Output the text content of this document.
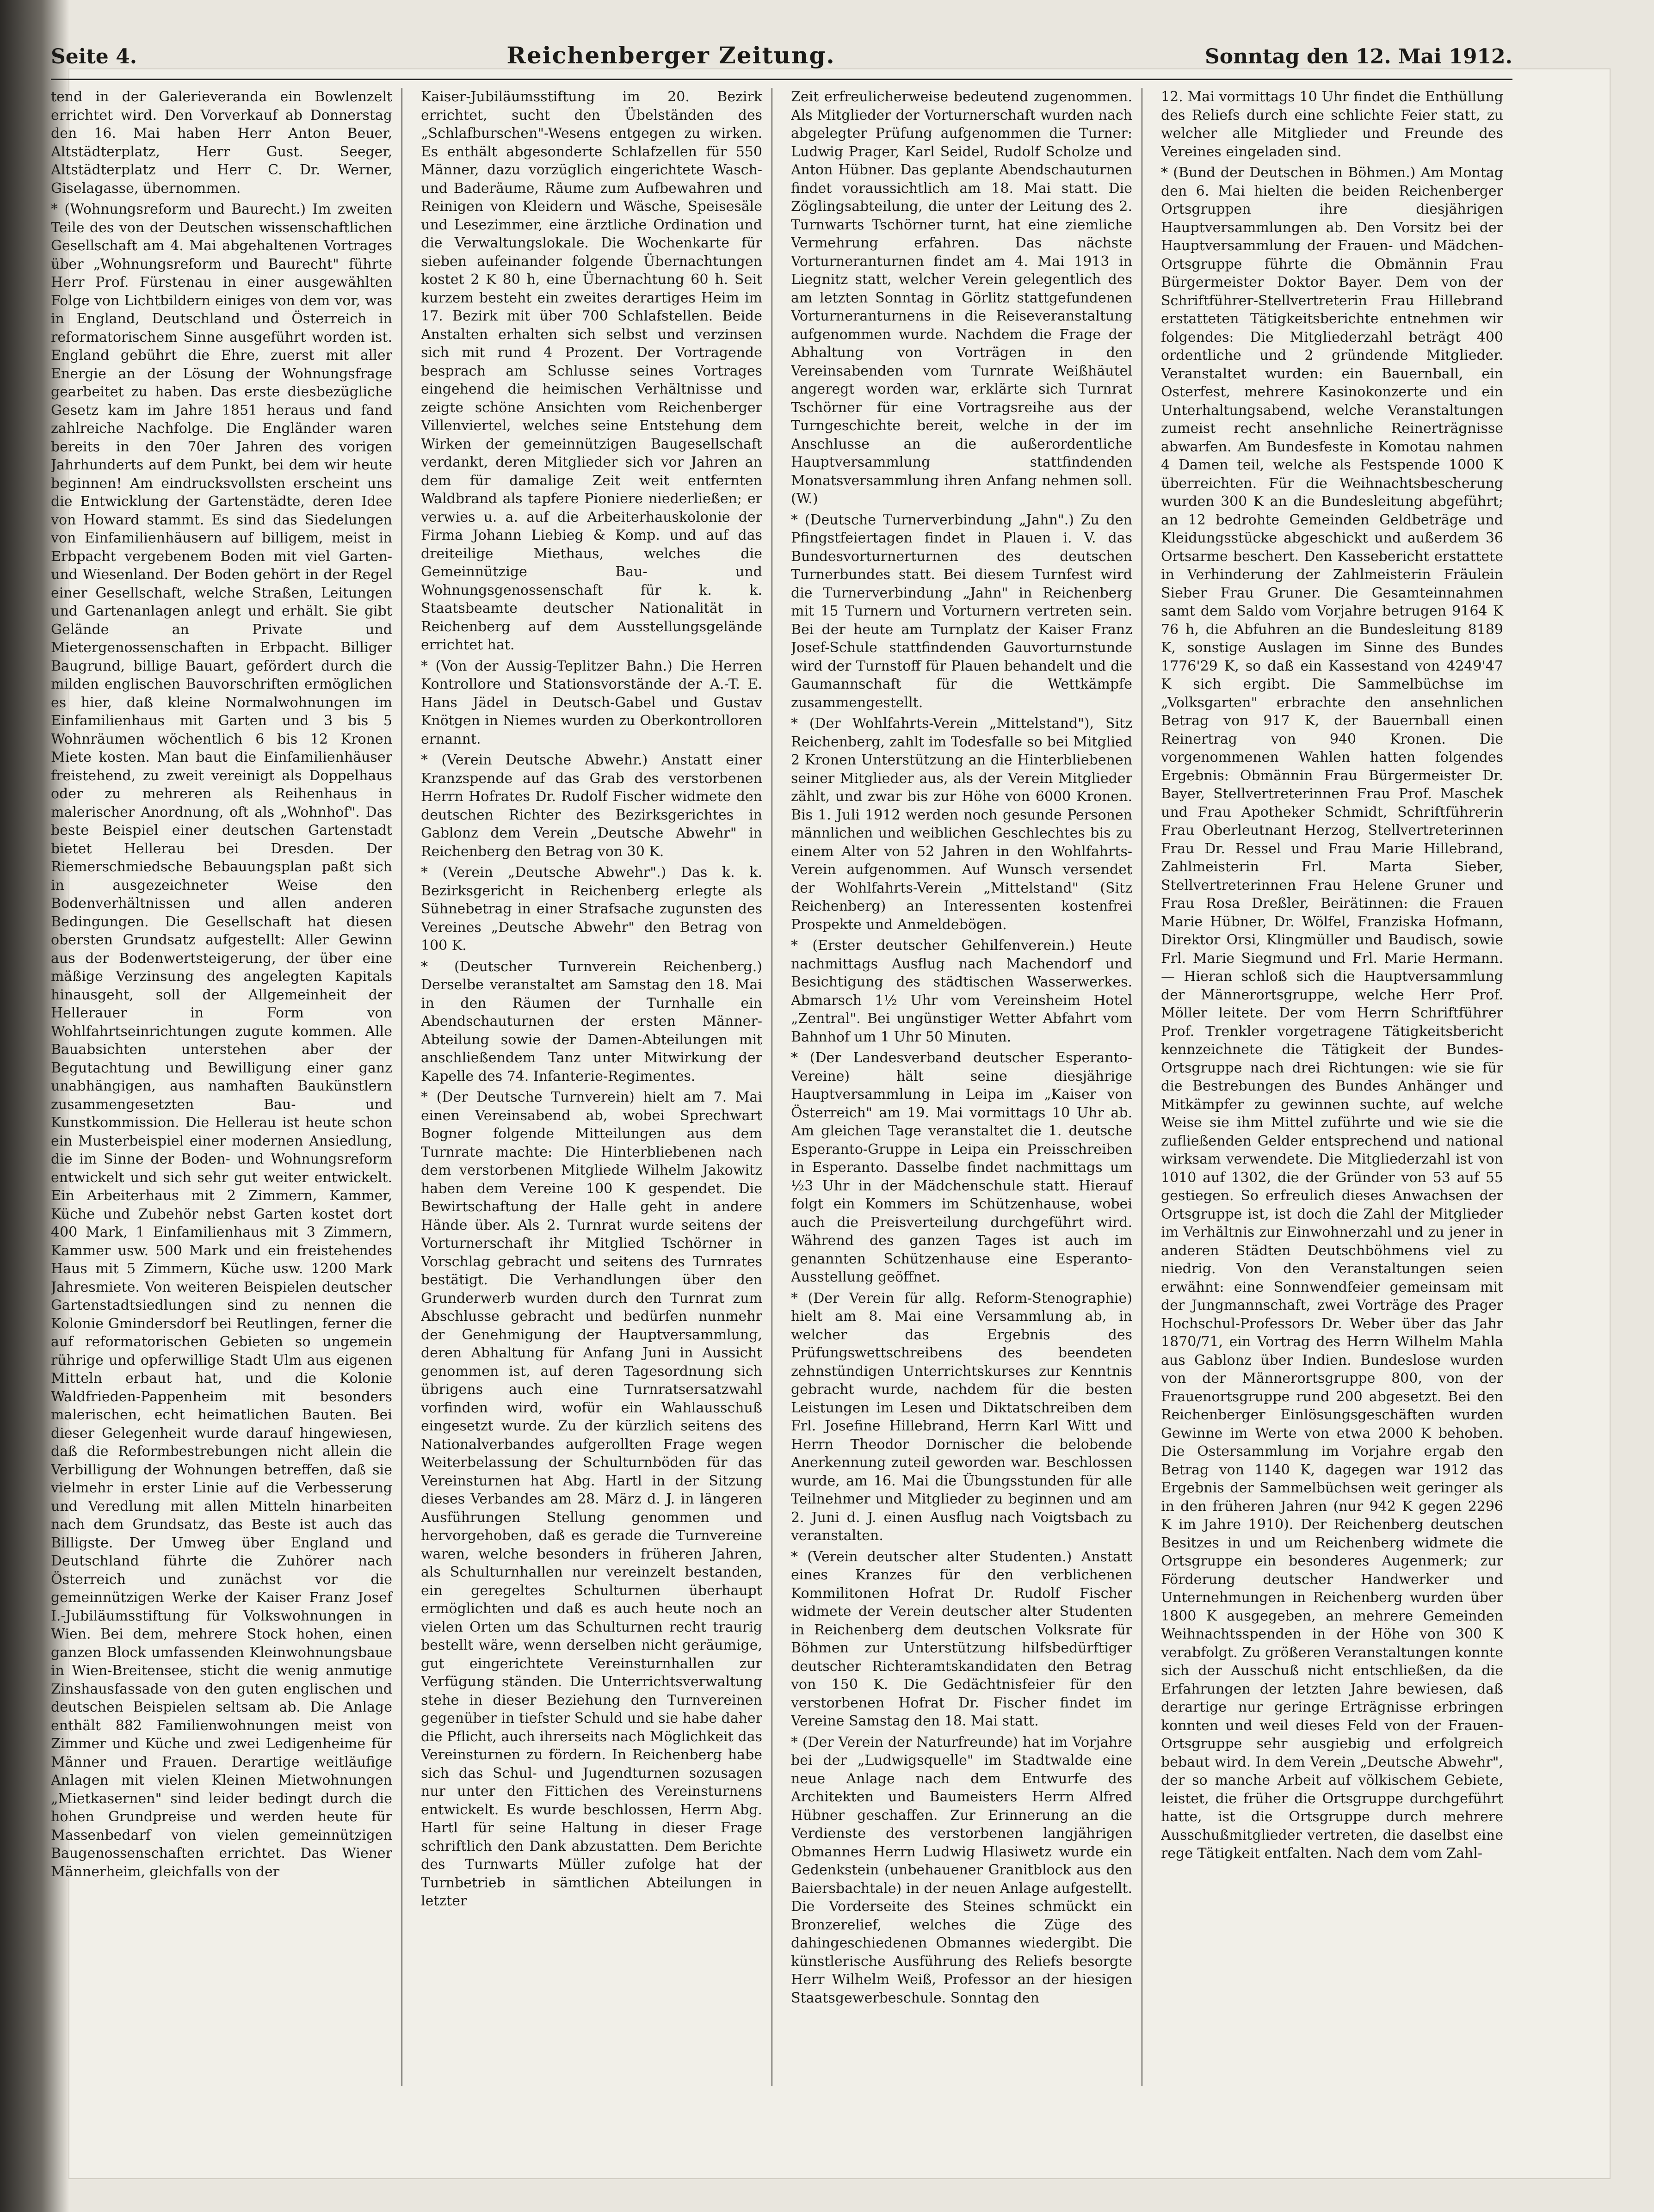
Seite 4.	Reichenberger Zeitung.	Sonntag den 12. Mai 1912.

tend in der Galerieveranda ein Bowlenzelt errichtet wird. Den Vorverkauf ab Donnerstag den 16. Mai haben Herr Anton Beuer, Altstädterplatz, Herr Gust. Seeger, Altstädterplatz und Herr C. Dr. Werner, Giselagasse, übernommen.

* (Wohnungsreform und Baurecht.) Im zweiten Teile des von der Deutschen wissenschaftlichen Gesellschaft am 4. Mai abgehaltenen Vortrages über „Wohnungsreform und Baurecht" führte Herr Prof. Fürstenau in einer ausgewählten Folge von Lichtbildern einiges von dem vor, was in England, Deutschland und Österreich in reformatorischem Sinne ausgeführt worden ist. England gebührt die Ehre, zuerst mit aller Energie an der Lösung der Wohnungsfrage gearbeitet zu haben. Das erste diesbezügliche Gesetz kam im Jahre 1851 heraus und fand zahlreiche Nachfolge. Die Engländer waren bereits in den 70er Jahren des vorigen Jahrhunderts auf dem Punkt, bei dem wir heute beginnen! Am eindrucksvollsten erscheint uns die Entwicklung der Gartenstädte, deren Idee von Howard stammt. Es sind das Siedelungen von Einfamilienhäusern auf billigem, meist in Erbpacht vergebenem Boden mit viel Garten- und Wiesenland. Der Boden gehört in der Regel einer Gesellschaft, welche Straßen, Leitungen und Gartenanlagen anlegt und erhält. Sie gibt Gelände an Private und Mietergenossenschaften in Erbpacht. Billiger Baugrund, billige Bauart, gefördert durch die milden englischen Bauvorschriften ermöglichen es hier, daß kleine Normalwohnungen im Einfamilienhaus mit Garten und 3 bis 5 Wohnräumen wöchentlich 6 bis 12 Kronen Miete kosten. Man baut die Einfamilienhäuser freistehend, zu zweit vereinigt als Doppelhaus oder zu mehreren als Reihenhaus in malerischer Anordnung, oft als „Wohnhof". Das beste Beispiel einer deutschen Gartenstadt bietet Hellerau bei Dresden. Der Riemerschmiedsche Bebauungsplan paßt sich in ausgezeichneter Weise den Bodenverhältnissen und allen anderen Bedingungen. Die Gesellschaft hat diesen obersten Grundsatz aufgestellt: Aller Gewinn aus der Bodenwertsteigerung, der über eine mäßige Verzinsung des angelegten Kapitals hinausgeht, soll der Allgemeinheit der Hellerauer in Form von Wohlfahrtseinrichtungen zugute kommen. Alle Bauabsichten unterstehen aber der Begutachtung und Bewilligung einer ganz unabhängigen, aus namhaften Baukünstlern zusammengesetzten Bau- und Kunstkommission. Die Hellerau ist heute schon ein Musterbeispiel einer modernen Ansiedlung, die im Sinne der Boden- und Wohnungsreform entwickelt und sich sehr gut weiter entwickelt. Ein Arbeiterhaus mit 2 Zimmern, Kammer, Küche und Zubehör nebst Garten kostet dort 400 Mark, 1 Einfamilienhaus mit 3 Zimmern, Kammer usw. 500 Mark und ein freistehendes Haus mit 5 Zimmern, Küche usw. 1200 Mark Jahresmiete. Von weiteren Beispielen deutscher Gartenstadtsiedlungen sind zu nennen die Kolonie Gmindersdorf bei Reutlingen, ferner die auf reformatorischen Gebieten so ungemein rührige und opferwillige Stadt Ulm aus eigenen Mitteln erbaut hat, und die Kolonie Waldfrieden-Pappenheim mit besonders malerischen, echt heimatlichen Bauten. Bei dieser Gelegenheit wurde darauf hingewiesen, daß die Reformbestrebungen nicht allein die Verbilligung der Wohnungen betreffen, daß sie vielmehr in erster Linie auf die Verbesserung und Veredlung mit allen Mitteln hinarbeiten nach dem Grundsatz, das Beste ist auch das Billigste. Der Umweg über England und Deutschland führte die Zuhörer nach Österreich und zunächst vor die gemeinnützigen Werke der Kaiser Franz Josef I.-Jubiläumsstiftung für Volkswohnungen in Wien. Bei dem, mehrere Stock hohen, einen ganzen Block umfassenden Kleinwohnungsbaue in Wien-Breitensee, sticht die wenig anmutige Zinshausfassade von den guten englischen und deutschen Beispielen seltsam ab. Die Anlage enthält 882 Familienwohnungen meist von Zimmer und Küche und zwei Ledigenheime für Männer und Frauen. Derartige weitläufige Anlagen mit vielen Kleinen Mietwohnungen „Mietkasernen" sind leider bedingt durch die hohen Grundpreise und werden heute für Massenbedarf von vielen gemeinnützigen Baugenossenschaften errichtet. Das Wiener Männerheim, gleichfalls von der

Kaiser-Jubiläumsstiftung im 20. Bezirk errichtet, sucht den Übelständen des „Schlafburschen"-Wesens entgegen zu wirken. Es enthält abgesonderte Schlafzellen für 550 Männer, dazu vorzüglich eingerichtete Wasch- und Baderäume, Räume zum Aufbewahren und Reinigen von Kleidern und Wäsche, Speisesäle und Lesezimmer, eine ärztliche Ordination und die Verwaltungslokale. Die Wochenkarte für sieben aufeinander folgende Übernachtungen kostet 2 K 80 h, eine Übernachtung 60 h. Seit kurzem besteht ein zweites derartiges Heim im 17. Bezirk mit über 700 Schlafstellen. Beide Anstalten erhalten sich selbst und verzinsen sich mit rund 4 Prozent. Der Vortragende besprach am Schlusse seines Vortrages eingehend die heimischen Verhältnisse und zeigte schöne Ansichten vom Reichenberger Villenviertel, welches seine Entstehung dem Wirken der gemeinnützigen Baugesellschaft verdankt, deren Mitglieder sich vor Jahren an dem für damalige Zeit weit entfernten Waldbrand als tapfere Pioniere niederließen; er verwies u. a. auf die Arbeiterhauskolonie der Firma Johann Liebieg & Komp. und auf das dreiteilige Miethaus, welches die Gemeinnützige Bau- und Wohnungsgenossenschaft für k. k. Staatsbeamte deutscher Nationalität in Reichenberg auf dem Ausstellungsgelände errichtet hat.

* (Von der Aussig-Teplitzer Bahn.) Die Herren Kontrollore und Stationsvorstände der A.-T. E. Hans Jädel in Deutsch-Gabel und Gustav Knötgen in Niemes wurden zu Oberkontrolloren ernannt.

* (Verein Deutsche Abwehr.) Anstatt einer Kranzspende auf das Grab des verstorbenen Herrn Hofrates Dr. Rudolf Fischer widmete den deutschen Richter des Bezirksgerichtes in Gablonz dem Verein „Deutsche Abwehr" in Reichenberg den Betrag von 30 K.

* (Verein „Deutsche Abwehr".) Das k. k. Bezirksgericht in Reichenberg erlegte als Sühnebetrag in einer Strafsache zugunsten des Vereines „Deutsche Abwehr" den Betrag von 100 K.

* (Deutscher Turnverein Reichenberg.) Derselbe veranstaltet am Samstag den 18. Mai in den Räumen der Turnhalle ein Abendschauturnen der ersten Männer-Abteilung sowie der Damen-Abteilungen mit anschließendem Tanz unter Mitwirkung der Kapelle des 74. Infanterie-Regimentes.

* (Der Deutsche Turnverein) hielt am 7. Mai einen Vereinsabend ab, wobei Sprechwart Bogner folgende Mitteilungen aus dem Turnrate machte: Die Hinterbliebenen nach dem verstorbenen Mitgliede Wilhelm Jakowitz haben dem Vereine 100 K gespendet. Die Bewirtschaftung der Halle geht in andere Hände über. Als 2. Turnrat wurde seitens der Vorturnerschaft ihr Mitglied Tschörner in Vorschlag gebracht und seitens des Turnrates bestätigt. Die Verhandlungen über den Grunderwerb wurden durch den Turnrat zum Abschlusse gebracht und bedürfen nunmehr der Genehmigung der Hauptversammlung, deren Abhaltung für Anfang Juni in Aussicht genommen ist, auf deren Tagesordnung sich übrigens auch eine Turnratsersatzwahl vorfinden wird, wofür ein Wahlausschuß eingesetzt wurde. Zu der kürzlich seitens des Nationalverbandes aufgerollten Frage wegen Weiterbelassung der Schulturnböden für das Vereinsturnen hat Abg. Hartl in der Sitzung dieses Verbandes am 28. März d. J. in längeren Ausführungen Stellung genommen und hervorgehoben, daß es gerade die Turnvereine waren, welche besonders in früheren Jahren, als Schulturnhallen nur vereinzelt bestanden, ein geregeltes Schulturnen überhaupt ermöglichten und daß es auch heute noch an vielen Orten um das Schulturnen recht traurig bestellt wäre, wenn derselben nicht geräumige, gut eingerichtete Vereinsturnhallen zur Verfügung ständen. Die Unterrichtsverwaltung stehe in dieser Beziehung den Turnvereinen gegenüber in tiefster Schuld und sie habe daher die Pflicht, auch ihrerseits nach Möglichkeit das Vereinsturnen zu fördern. In Reichenberg habe sich das Schul- und Jugendturnen sozusagen nur unter den Fittichen des Vereinsturnens entwickelt. Es wurde beschlossen, Herrn Abg. Hartl für seine Haltung in dieser Frage schriftlich den Dank abzustatten. Dem Berichte des Turnwarts Müller zufolge hat der Turnbetrieb in sämtlichen Abteilungen in letzter

Zeit erfreulicherweise bedeutend zugenommen. Als Mitglieder der Vorturnerschaft wurden nach abgelegter Prüfung aufgenommen die Turner: Ludwig Prager, Karl Seidel, Rudolf Scholze und Anton Hübner. Das geplante Abendschauturnen findet voraussichtlich am 18. Mai statt. Die Zöglingsabteilung, die unter der Leitung des 2. Turnwarts Tschörner turnt, hat eine ziemliche Vermehrung erfahren. Das nächste Vorturneranturnen findet am 4. Mai 1913 in Liegnitz statt, welcher Verein gelegentlich des am letzten Sonntag in Görlitz stattgefundenen Vorturneranturnens in die Reiseveranstaltung aufgenommen wurde. Nachdem die Frage der Abhaltung von Vorträgen in den Vereinsabenden vom Turnrate Weißhäutel angeregt worden war, erklärte sich Turnrat Tschörner für eine Vortragsreihe aus der Turngeschichte bereit, welche in der im Anschlusse an die außerordentliche Hauptversammlung stattfindenden Monatsversammlung ihren Anfang nehmen soll. (W.)

* (Deutsche Turnerverbindung „Jahn".) Zu den Pfingstfeiertagen findet in Plauen i. V. das Bundesvorturnerturnen des deutschen Turnerbundes statt. Bei diesem Turnfest wird die Turnerverbindung „Jahn" in Reichenberg mit 15 Turnern und Vorturnern vertreten sein. Bei der heute am Turnplatz der Kaiser Franz Josef-Schule stattfindenden Gauvorturnstunde wird der Turnstoff für Plauen behandelt und die Gaumannschaft für die Wettkämpfe zusammengestellt.

* (Der Wohlfahrts-Verein „Mittelstand"), Sitz Reichenberg, zahlt im Todesfalle so bei Mitglied 2 Kronen Unterstützung an die Hinterbliebenen seiner Mitglieder aus, als der Verein Mitglieder zählt, und zwar bis zur Höhe von 6000 Kronen. Bis 1. Juli 1912 werden noch gesunde Personen männlichen und weiblichen Geschlechtes bis zu einem Alter von 52 Jahren in den Wohlfahrts-Verein aufgenommen. Auf Wunsch versendet der Wohlfahrts-Verein „Mittelstand" (Sitz Reichenberg) an Interessenten kostenfrei Prospekte und Anmeldebögen.

* (Erster deutscher Gehilfenverein.) Heute nachmittags Ausflug nach Machendorf und Besichtigung des städtischen Wasserwerkes. Abmarsch 1½ Uhr vom Vereinsheim Hotel „Zentral". Bei ungünstiger Wetter Abfahrt vom Bahnhof um 1 Uhr 50 Minuten.

* (Der Landesverband deutscher Esperanto-Vereine) hält seine diesjährige Hauptversammlung in Leipa im „Kaiser von Österreich" am 19. Mai vormittags 10 Uhr ab. Am gleichen Tage veranstaltet die 1. deutsche Esperanto-Gruppe in Leipa ein Preisschreiben in Esperanto. Dasselbe findet nachmittags um ½3 Uhr in der Mädchenschule statt. Hierauf folgt ein Kommers im Schützenhause, wobei auch die Preisverteilung durchgeführt wird. Während des ganzen Tages ist auch im genannten Schützenhause eine Esperanto-Ausstellung geöffnet.

* (Der Verein für allg. Reform-Stenographie) hielt am 8. Mai eine Versammlung ab, in welcher das Ergebnis des Prüfungswettschreibens des beendeten zehnstündigen Unterrichtskurses zur Kenntnis gebracht wurde, nachdem für die besten Leistungen im Lesen und Diktatschreiben dem Frl. Josefine Hillebrand, Herrn Karl Witt und Herrn Theodor Dornischer die belobende Anerkennung zuteil geworden war. Beschlossen wurde, am 16. Mai die Übungsstunden für alle Teilnehmer und Mitglieder zu beginnen und am 2. Juni d. J. einen Ausflug nach Voigtsbach zu veranstalten.

* (Verein deutscher alter Studenten.) Anstatt eines Kranzes für den verblichenen Kommilitonen Hofrat Dr. Rudolf Fischer widmete der Verein deutscher alter Studenten in Reichenberg dem deutschen Volksrate für Böhmen zur Unterstützung hilfsbedürftiger deutscher Richteramtskandidaten den Betrag von 150 K. Die Gedächtnisfeier für den verstorbenen Hofrat Dr. Fischer findet im Vereine Samstag den 18. Mai statt.

* (Der Verein der Naturfreunde) hat im Vorjahre bei der „Ludwigsquelle" im Stadtwalde eine neue Anlage nach dem Entwurfe des Architekten und Baumeisters Herrn Alfred Hübner geschaffen. Zur Erinnerung an die Verdienste des verstorbenen langjährigen Obmannes Herrn Ludwig Hlasiwetz wurde ein Gedenkstein (unbehauener Granitblock aus den Baiersbachtale) in der neuen Anlage aufgestellt. Die Vorderseite des Steines schmückt ein Bronzerelief, welches die Züge des dahingeschiedenen Obmannes wiedergibt. Die künstlerische Ausführung des Reliefs besorgte Herr Wilhelm Weiß, Professor an der hiesigen Staatsgewerbeschule. Sonntag den

12. Mai vormittags 10 Uhr findet die Enthüllung des Reliefs durch eine schlichte Feier statt, zu welcher alle Mitglieder und Freunde des Vereines eingeladen sind.

* (Bund der Deutschen in Böhmen.) Am Montag den 6. Mai hielten die beiden Reichenberger Ortsgruppen ihre diesjährigen Hauptversammlungen ab. Den Vorsitz bei der Hauptversammlung der Frauen- und Mädchen-Ortsgruppe führte die Obmännin Frau Bürgermeister Doktor Bayer. Dem von der Schriftführer-Stellvertreterin Frau Hillebrand erstatteten Tätigkeitsberichte entnehmen wir folgendes: Die Mitgliederzahl beträgt 400 ordentliche und 2 gründende Mitglieder. Veranstaltet wurden: ein Bauernball, ein Osterfest, mehrere Kasinokonzerte und ein Unterhaltungsabend, welche Veranstaltungen zumeist recht ansehnliche Reinerträgnisse abwarfen. Am Bundesfeste in Komotau nahmen 4 Damen teil, welche als Festspende 1000 K überreichten. Für die Weihnachtsbescherung wurden 300 K an die Bundesleitung abgeführt; an 12 bedrohte Gemeinden Geldbeträge und Kleidungsstücke abgeschickt und außerdem 36 Ortsarme beschert. Den Kassebericht erstattete in Verhinderung der Zahlmeisterin Fräulein Sieber Frau Gruner. Die Gesamteinnahmen samt dem Saldo vom Vorjahre betrugen 9164 K 76 h, die Abfuhren an die Bundesleitung 8189 K, sonstige Auslagen im Sinne des Bundes 1776'29 K, so daß ein Kassestand von 4249'47 K sich ergibt. Die Sammelbüchse im „Volksgarten" erbrachte den ansehnlichen Betrag von 917 K, der Bauernball einen Reinertrag von 940 Kronen. Die vorgenommenen Wahlen hatten folgendes Ergebnis: Obmännin Frau Bürgermeister Dr. Bayer, Stellvertreterinnen Frau Prof. Maschek und Frau Apotheker Schmidt, Schriftführerin Frau Oberleutnant Herzog, Stellvertreterinnen Frau Dr. Ressel und Frau Marie Hillebrand, Zahlmeisterin Frl. Marta Sieber, Stellvertreterinnen Frau Helene Gruner und Frau Rosa Dreßler, Beirätinnen: die Frauen Marie Hübner, Dr. Wölfel, Franziska Hofmann, Direktor Orsi, Klingmüller und Baudisch, sowie Frl. Marie Siegmund und Frl. Marie Hermann. — Hieran schloß sich die Hauptversammlung der Männerortsgruppe, welche Herr Prof. Möller leitete. Der vom Herrn Schriftführer Prof. Trenkler vorgetragene Tätigkeitsbericht kennzeichnete die Tätigkeit der Bundes-Ortsgruppe nach drei Richtungen: wie sie für die Bestrebungen des Bundes Anhänger und Mitkämpfer zu gewinnen suchte, auf welche Weise sie ihm Mittel zuführte und wie sie die zufließenden Gelder entsprechend und national wirksam verwendete. Die Mitgliederzahl ist von 1010 auf 1302, die der Gründer von 53 auf 55 gestiegen. So erfreulich dieses Anwachsen der Ortsgruppe ist, ist doch die Zahl der Mitglieder im Verhältnis zur Einwohnerzahl und zu jener in anderen Städten Deutschböhmens viel zu niedrig. Von den Veranstaltungen seien erwähnt: eine Sonnwendfeier gemeinsam mit der Jungmannschaft, zwei Vorträge des Prager Hochschul-Professors Dr. Weber über das Jahr 1870/71, ein Vortrag des Herrn Wilhelm Mahla aus Gablonz über Indien. Bundeslose wurden von der Männerortsgruppe 800, von der Frauenortsgruppe rund 200 abgesetzt. Bei den Reichenberger Einlösungsgeschäften wurden Gewinne im Werte von etwa 2000 K behoben. Die Ostersammlung im Vorjahre ergab den Betrag von 1140 K, dagegen war 1912 das Ergebnis der Sammelbüchsen weit geringer als in den früheren Jahren (nur 942 K gegen 2296 K im Jahre 1910). Der Reichenberg deutschen Besitzes in und um Reichenberg widmete die Ortsgruppe ein besonderes Augenmerk; zur Förderung deutscher Handwerker und Unternehmungen in Reichenberg wurden über 1800 K ausgegeben, an mehrere Gemeinden Weihnachtsspenden in der Höhe von 300 K verabfolgt. Zu größeren Veranstaltungen konnte sich der Ausschuß nicht entschließen, da die Erfahrungen der letzten Jahre bewiesen, daß derartige nur geringe Erträgnisse erbringen konnten und weil dieses Feld von der Frauen-Ortsgruppe sehr ausgiebig und erfolgreich bebaut wird. In dem Verein „Deutsche Abwehr", der so manche Arbeit auf völkischem Gebiete, leistet, die früher die Ortsgruppe durchgeführt hatte, ist die Ortsgruppe durch mehrere Ausschußmitglieder vertreten, die daselbst eine rege Tätigkeit entfalten. Nach dem vom Zahl-
